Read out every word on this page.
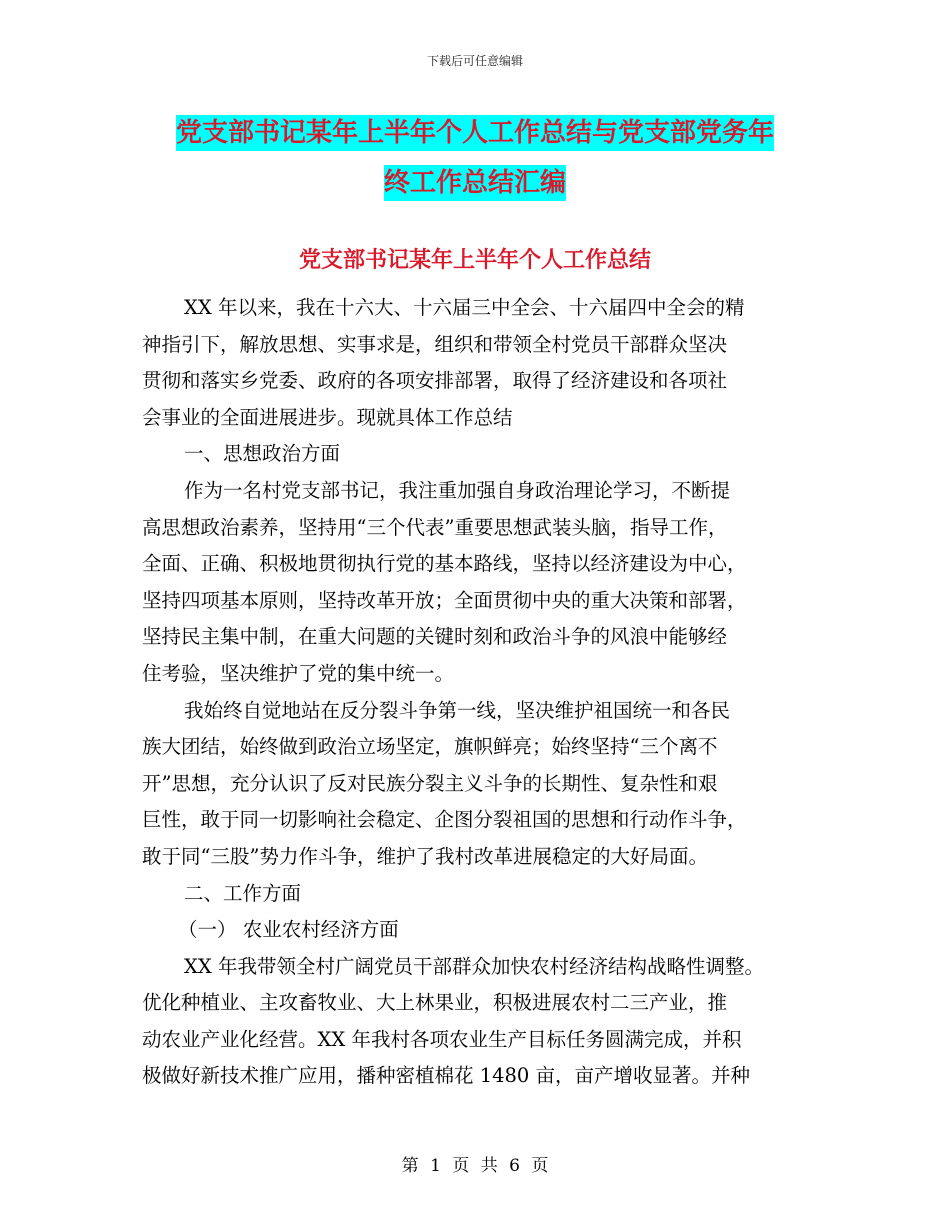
下载后可任意编辑
党支部书记某年上半年个人工作总结与党支部党务年
终工作总结汇编
党支部书记某年上半年个人工作总结
XX 年以来，我在十六大、十六届三中全会、十六届四中全会的精
神指引下，解放思想、实事求是，组织和带领全村党员干部群众坚决
贯彻和落实乡党委、政府的各项安排部署，取得了经济建设和各项社
会事业的全面进展进步。现就具体工作总结
一、思想政治方面
作为一名村党支部书记，我注重加强自身政治理论学习，不断提
高思想政治素养，坚持用“三个代表”重要思想武装头脑，指导工作，
全面、正确、积极地贯彻执行党的基本路线，坚持以经济建设为中心，
坚持四项基本原则，坚持改革开放；全面贯彻中央的重大决策和部署，
坚持民主集中制，在重大问题的关键时刻和政治斗争的风浪中能够经
住考验，坚决维护了党的集中统一。
我始终自觉地站在反分裂斗争第一线，坚决维护祖国统一和各民
族大团结，始终做到政治立场坚定，旗帜鲜亮；始终坚持“三个离不
开”思想，充分认识了反对民族分裂主义斗争的长期性、复杂性和艰
巨性，敢于同一切影响社会稳定、企图分裂祖国的思想和行动作斗争，
敢于同“三股”势力作斗争，维护了我村改革进展稳定的大好局面。
二、工作方面
（一） 农业农村经济方面
XX 年我带领全村广阔党员干部群众加快农村经济结构战略性调整。
优化种植业、主攻畜牧业、大上林果业，积极进展农村二三产业，推
动农业产业化经营。XX 年我村各项农业生产目标任务圆满完成，并积
极做好新技术推广应用，播种密植棉花 1480 亩，亩产增收显著。并种
第 1 页 共 6 页
